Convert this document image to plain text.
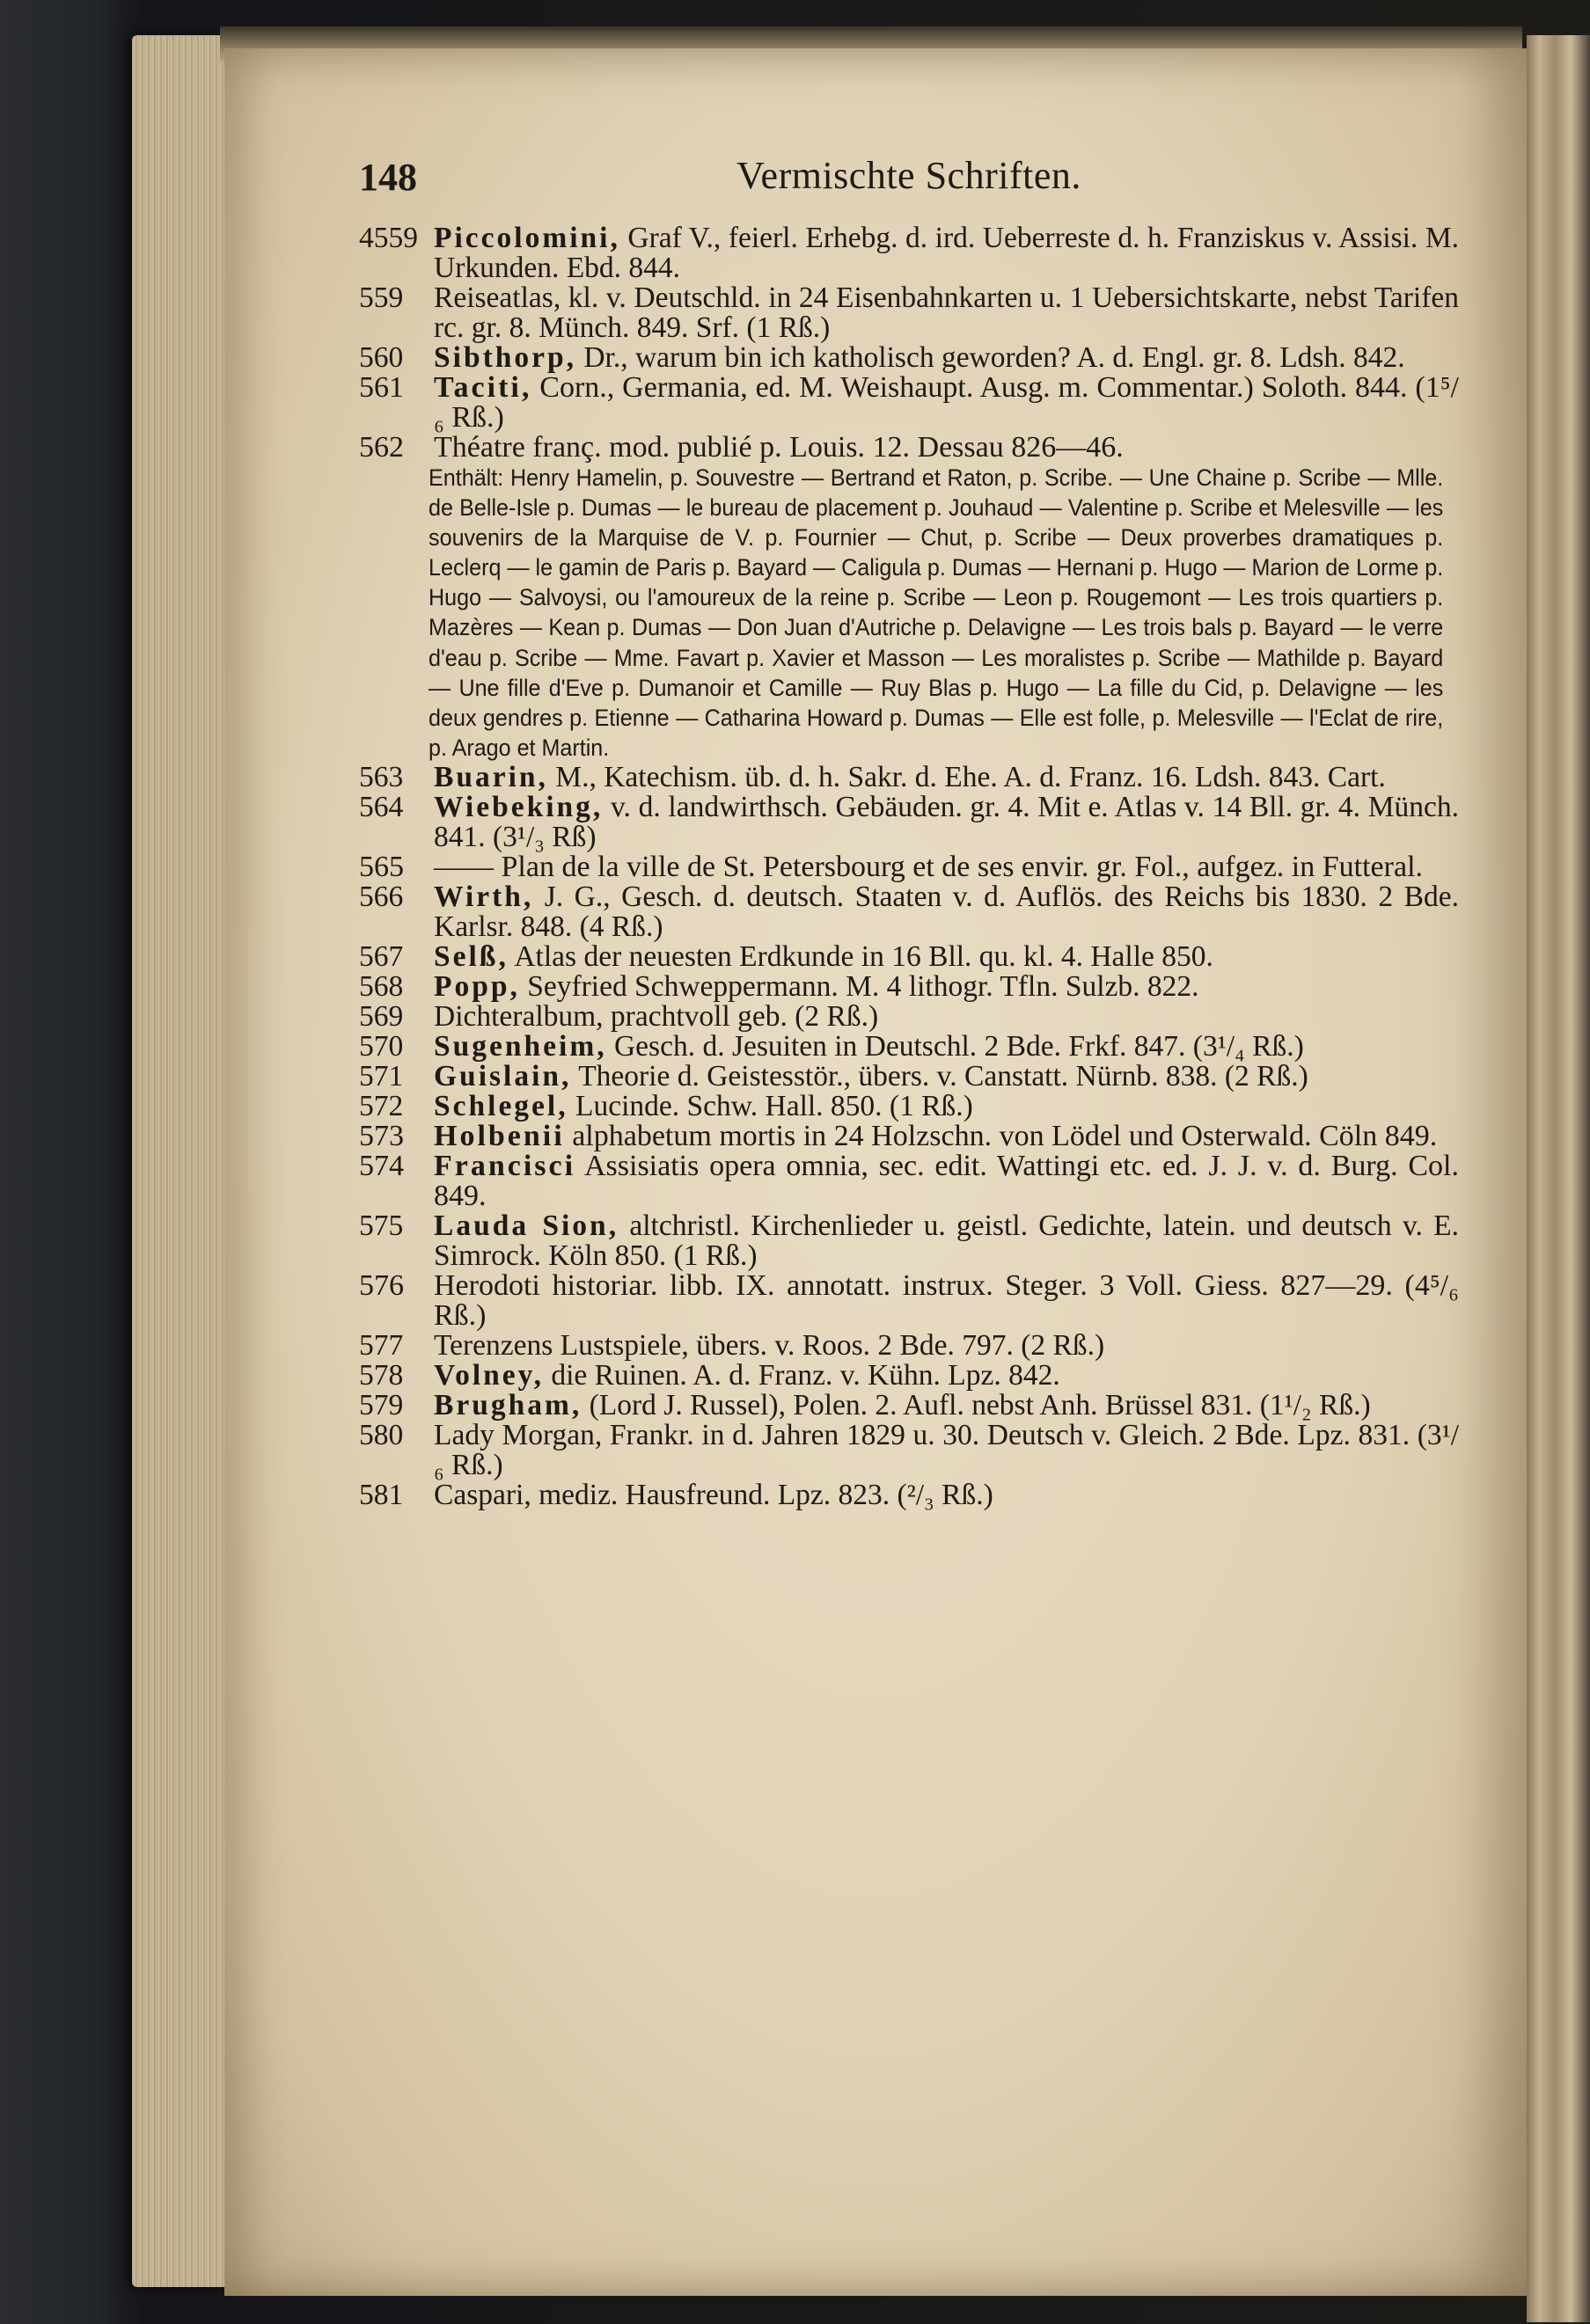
148	Vermischte Schriften.

4559 Piccolomini, Graf V., feierl. Erhebg. d. ird. Ueberreste d. h. Franziskus v. Assisi. M. Urkunden. Ebd. 844.

559	Reiseatlas, kl. v. Deutschld. in 24 Eisenbahnkarten u. 1 Uebersichtskarte, nebst Tarifen rc. gr. 8. Münch. 849. Srf. (1 Rß.)

560	Sibthorp, Dr., warum bin ich katholisch geworden? A. d. Engl. gr. 8. Ldsh. 842.

561	Taciti, Corn., Germania, ed. M. Weishaupt. Ausg. m. Commentar.) Soloth. 844. (1⁵/₆ Rß.)

562	Théatre franç. mod. publié p. Louis. 12. Dessau 826—46.

Enthält: Henry Hamelin, p. Souvestre — Bertrand et Raton, p. Scribe. — Une Chaine p. Scribe — Mlle. de Belle-Isle p. Dumas — le bureau de placement p. Jouhaud — Valentine p. Scribe et Melesville — les souvenirs de la Marquise de V. p. Fournier — Chut, p. Scribe — Deux proverbes dramatiques p. Leclerq — le gamin de Paris p. Bayard — Caligula p. Dumas — Hernani p. Hugo — Marion de Lorme p. Hugo — Salvoysi, ou l'amoureux de la reine p. Scribe — Leon p. Rougemont — Les trois quartiers p. Mazères — Kean p. Dumas — Don Juan d'Autriche p. Delavigne — Les trois bals p. Bayard — le verre d'eau p. Scribe — Mme. Favart p. Xavier et Masson — Les moralistes p. Scribe — Mathilde p. Bayard — Une fille d'Eve p. Dumanoir et Camille — Ruy Blas p. Hugo — La fille du Cid, p. Delavigne — les deux gendres p. Etienne — Catharina Howard p. Dumas — Elle est folle, p. Melesville — l'Eclat de rire, p. Arago et Martin.

563	Buarin, M., Katechism. üb. d. h. Sakr. d. Ehe. A. d. Franz. 16. Ldsh. 843. Cart.

564	Wiebeking, v. d. landwirthsch. Gebäuden. gr. 4. Mit e. Atlas v. 14 Bll. gr. 4. Münch. 841. (3¹/₃ Rß)

565	—— Plan de la ville de St. Petersbourg et de ses envir. gr. Fol., aufgez. in Futteral.

566	Wirth, J. G., Gesch. d. deutsch. Staaten v. d. Auflös. des Reichs bis 1830. 2 Bde. Karlsr. 848. (4 Rß.)

567	Selß, Atlas der neuesten Erdkunde in 16 Bll. qu. kl. 4. Halle 850.

568	Popp, Seyfried Schweppermann. M. 4 lithogr. Tfln. Sulzb. 822.

569	Dichteralbum, prachtvoll geb. (2 Rß.)

570	Sugenheim, Gesch. d. Jesuiten in Deutschl. 2 Bde. Frkf. 847. (3¹/₄ Rß.)

571	Guislain, Theorie d. Geistesstör., übers. v. Canstatt. Nürnb. 838. (2 Rß.)

572	Schlegel, Lucinde. Schw. Hall. 850. (1 Rß.)

573	Holbenii alphabetum mortis in 24 Holzschn. von Lödel und Osterwald. Cöln 849.

574	Francisci Assisiatis opera omnia, sec. edit. Wattingi etc. ed. J. J. v. d. Burg. Col. 849.

575	Lauda Sion, altchristl. Kirchenlieder u. geistl. Gedichte, latein. und deutsch v. E. Simrock. Köln 850. (1 Rß.)

576	Herodoti historiar. libb. IX. annotatt. instrux. Steger. 3 Voll. Giess. 827—29. (4⁵/₆ Rß.)

577	Terenzens Lustspiele, übers. v. Roos. 2 Bde. 797. (2 Rß.)

578	Volney, die Ruinen. A. d. Franz. v. Kühn. Lpz. 842.

579	Brugham, (Lord J. Russel), Polen. 2. Aufl. nebst Anh. Brüssel 831. (1¹/₂ Rß.)

580	Lady Morgan, Frankr. in d. Jahren 1829 u. 30. Deutsch v. Gleich. 2 Bde. Lpz. 831. (3¹/₆ Rß.)

581	Caspari, mediz. Hausfreund. Lpz. 823. (²/₃ Rß.)
